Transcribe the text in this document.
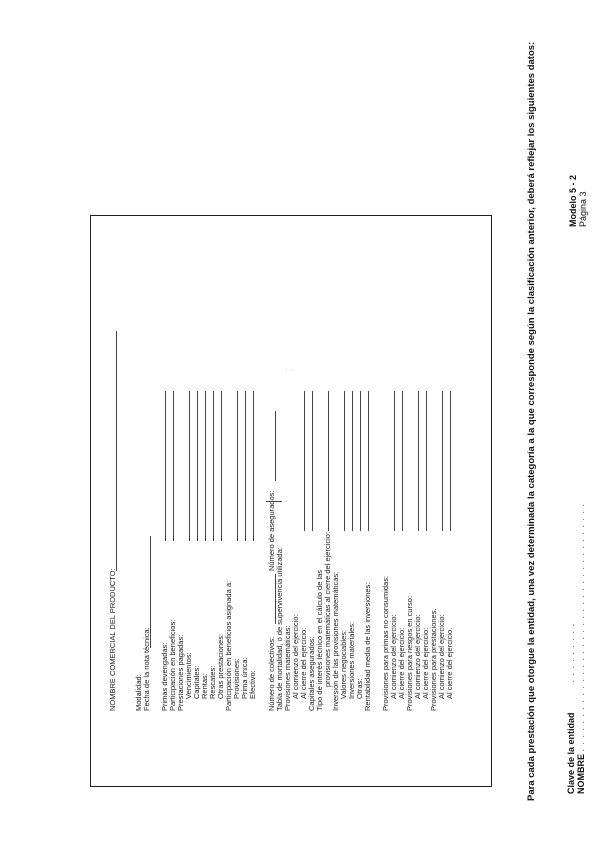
Clave de la entidad            . . . . . . . . .
NOMBRE . . . . . . . . . . . . . . . . . . . . . . . . . . . . . . . . . . . .
Modelo 5 - 2 Página 3
Para cada prestación que otorgue la entidad, una vez determinada la categoría a la que corresponde según la clasificación anterior, deberá reflejar los siguientes datos:
NOMBRE COMERCIAL DEL PRODUCTO: Modalidad: Fecha de la nota técnica: Primas devengadas: Participación en beneficios: Prestaciones pagadas: Vencimientos: Capitales: Rentas: Rescates: Otras prestaciones: Participación en beneficios asignada a: Provisiones: Prima única: Efectivo: Número de colectivos:
Número de asegurados:
Tabla de mortalidad, o de supervivencia utilizada: Provisiones matemáticas: Al comienzo del ejercicio: Al cierre del ejercicio: Capitales asegurados: Tipo de interés técnico en el cálculo de las provisiones matemáticas al cierre del ejercicio: Inversión de las provisiones matemáticas: Valores negociables: Inversiones materiales: Otras: Rentabilidad media de las inversiones: Provisiones para primas no consumidas: Al comienzo del ejercicio: Al cierre del ejercicio: Provisiones para riesgos en curso: Al comienzo del ejercicio: Al cierre del ejercicio: Provisiones para prestaciones. Al comienzo del ejercicio: Al cierre del ejercicio.
· ·
